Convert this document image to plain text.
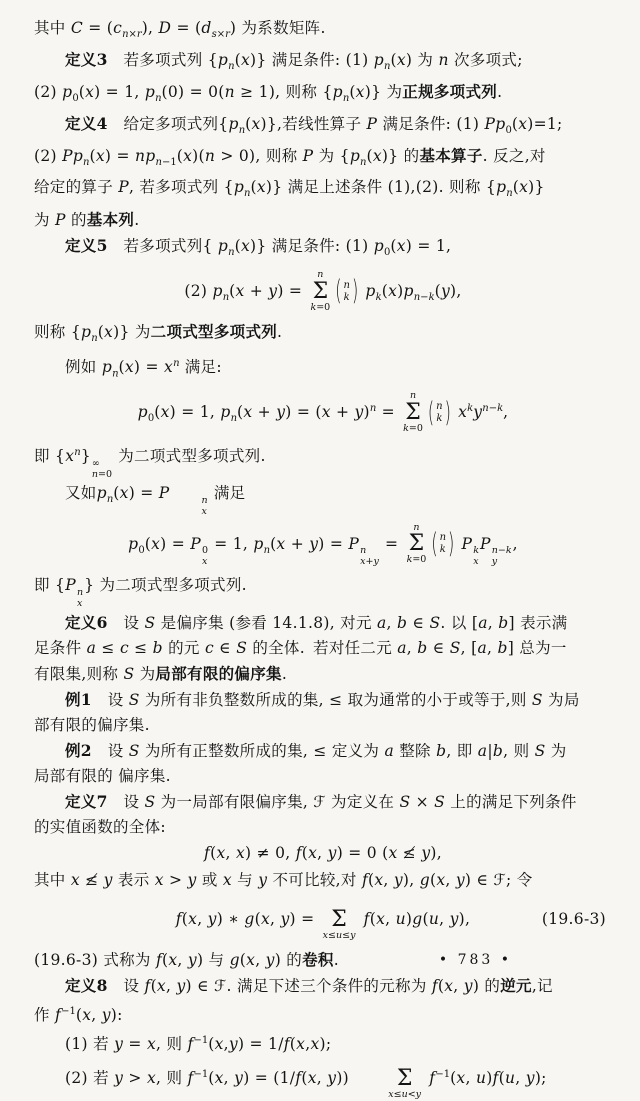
其中 $C = (c_{n\times r})$, $D = (d_{s\times r})$ 为系数矩阵.
定义3 若多项式列 $\{p_n(x)\}$ 满足条件: (1) $p_n(x)$ 为 n 次多项式;
(2) $p_0(x) = 1$, $p_n(0) = 0(n \ge 1)$, 则称 $\{p_n(x)\}$ 为正规多项式列.
定义4 给定多项式列$\{p_n(x)\}$,若线性算子 P 满足条件: (1) $Pp_0(x)=1$;
(2) $Pp_n(x) = np_{n-1}(x)(n > 0)$, 则称 P 为 $\{p_n(x)\}$ 的基本算子. 反之,对
给定的算子 P, 若多项式列 $\{p_n(x)\}$ 满足上述条件 (1),(2). 则称 $\{p_n(x)\}$
为 P 的基本列.
定义5 若多项式列{ $p_n(x)$} 满足条件: (1) $p_0(x) = 1$,
(2) $p_n(x + y)$ =
n
Σ
k=0
( n
k ) $p_k(x)p_{n-k}(y)$,
则称 $\{p_n(x)\}$ 为二项式型多项式列.
例如 $p_n(x) = x^n$ 满足:
$p_0(x) = 1$, $p_n(x + y) = (x + y)^n$ =
n
Σ
k=0
( n
k ) $x^ky^{n-k}$,
即 $\{x^n\}$ ∞
n=0
为二项式型多项式列.
又如$p_n(x) = P$	n
x
满足
$p_0(x) = P$ 0
x
= 1, $p_n(x + y) = P$ n
x+y
=
n
Σ
k=0
( n
k ) P k
x
P n−k
y
,
即 {P n
x
} 为二项式型多项式列.
定义6 设 S 是偏序集 (参看 14.1.8), 对元 a, b ∈ S. 以 [a, b] 表示满
足条件 a ≤ c ≤ b 的元 c ∈ S 的全体. 若对任二元 a, b ∈ S, [a, b] 总为一
有限集,则称 S 为局部有限的偏序集.
例1 设 S 为所有非负整数所成的集, ≤ 取为通常的小于或等于,则 S 为局
部有限的偏序集.
例2 设 S 为所有正整数所成的集, ≤ 定义为 a 整除 b, 即 a|b, 则 S 为
局部有限的 偏序集.
定义7 设 S 为一局部有限偏序集, ℱ 为定义在 S × S 上的满足下列条件
的实值函数的全体:
f(x, x) ≠ 0, f(x, y) = 0 (x ≰ y),
其中 x ≰ y 表示 x > y 或 x 与 y 不可比较,对 f(x, y), g(x, y) ∈ ℱ; 令
f(x, y) ∗ g(x, y) =
Σ
x≤u≤y
f(x, u)g(u, y),	(19.6-3)
(19.6-3) 式称为 f(x, y) 与 g(x, y) 的卷积.
定义8 设 f(x, y) ∈ ℱ. 满足下述三个条件的元称为 f(x, y) 的逆元,记
作 $f^{-1}(x$, y):
(1) 若 y = x, 则 $f^{-1}(x,y) = 1/f(x,x)$;
(2) 若 y > x, 则 $f^{-1}(x$, y) = (1/f(x, y))
	Σ
x≤u<y
$f^{-1}(x$, u)f(u, y);
• 783 •
